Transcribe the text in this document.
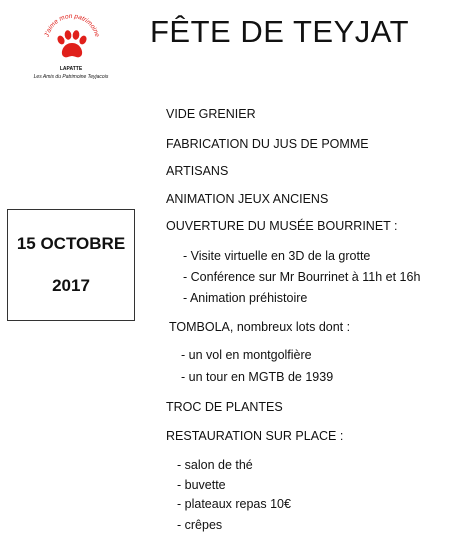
J'aime mon patrimoine
LAPATTE
Les Amis du Patrimoine Teyjacois
FÊTE DE TEYJAT
15 OCTOBRE
2017
VIDE GRENIER
FABRICATION DU JUS DE POMME
ARTISANS
ANIMATION JEUX ANCIENS
OUVERTURE DU MUSÉE BOURRINET :
- Visite virtuelle en 3D de la grotte
- Conférence sur Mr Bourrinet à 11h et 16h
- Animation préhistoire
TOMBOLA, nombreux lots dont :
- un vol en montgolfière
- un tour en MGTB de 1939
TROC DE PLANTES
RESTAURATION SUR PLACE :
- salon de thé
- buvette
- plateaux repas 10€
- crêpes
